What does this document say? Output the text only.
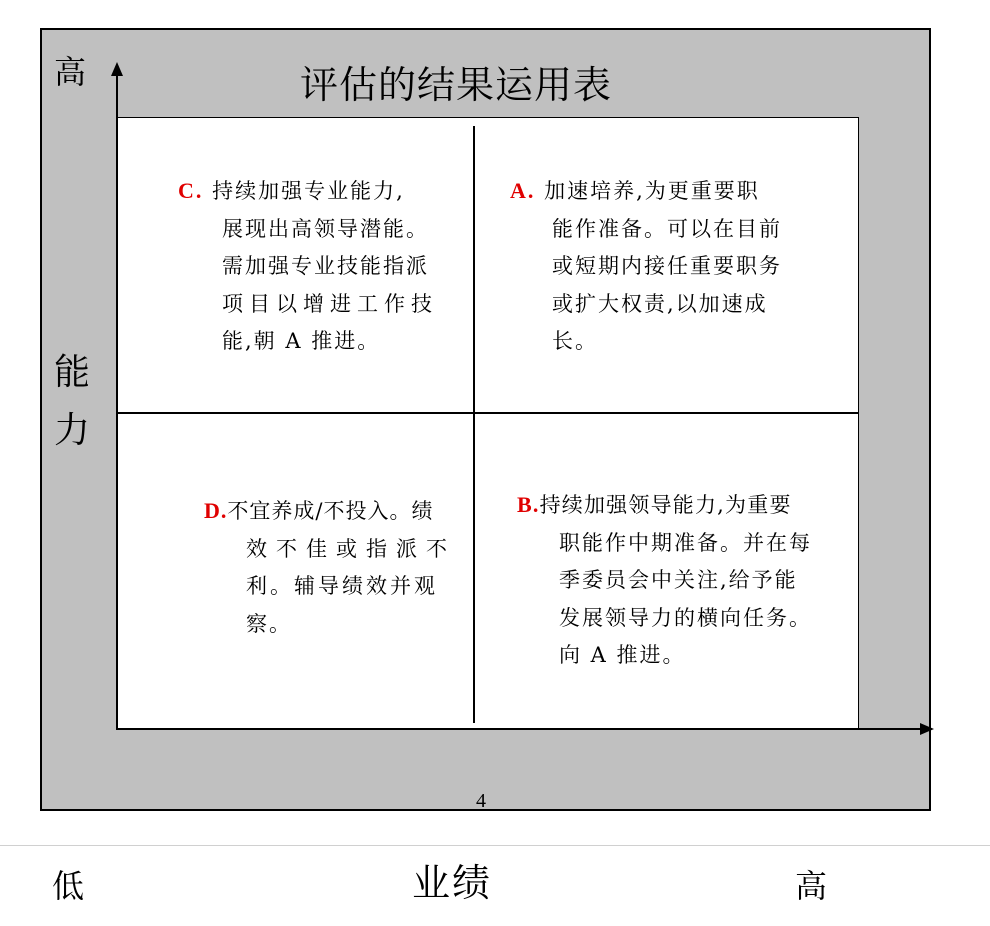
评估的结果运用表
高
能
力
C. 持续加强专业能力,
展现出高领导潜能。
需加强专业技能指派
项目以增进工作技
能,朝 A 推进。
A. 加速培养,为更重要职
能作准备。可以在目前
或短期内接任重要职务
或扩大权责,以加速成
长。
D.不宜养成/不投入。绩
效不佳或指派不
利。辅导绩效并观
察。
B.持续加强领导能力,为重要
职能作中期准备。并在每
季委员会中关注,给予能
发展领导力的横向任务。
向 A 推进。
4
低	业绩	高
